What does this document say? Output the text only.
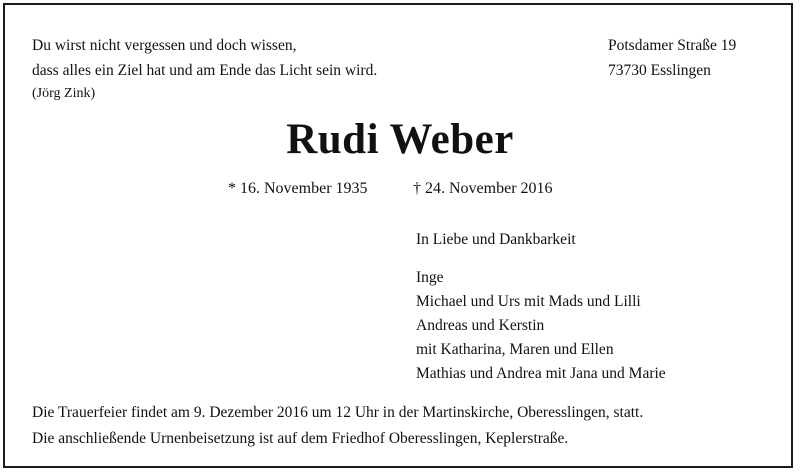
Du wirst nicht vergessen und doch wissen,
dass alles ein Ziel hat und am Ende das Licht sein wird.
(Jörg Zink)
Potsdamer Straße 19
73730 Esslingen
Rudi Weber
* 16. November 1935	† 24. November 2016
In Liebe und Dankbarkeit
Inge
Michael und Urs mit Mads und Lilli
Andreas und Kerstin
mit Katharina, Maren und Ellen
Mathias und Andrea mit Jana und Marie
Die Trauerfeier findet am 9. Dezember 2016 um 12 Uhr in der Martinskirche, Oberesslingen, statt.
Die anschließende Urnenbeisetzung ist auf dem Friedhof Oberesslingen, Keplerstraße.
